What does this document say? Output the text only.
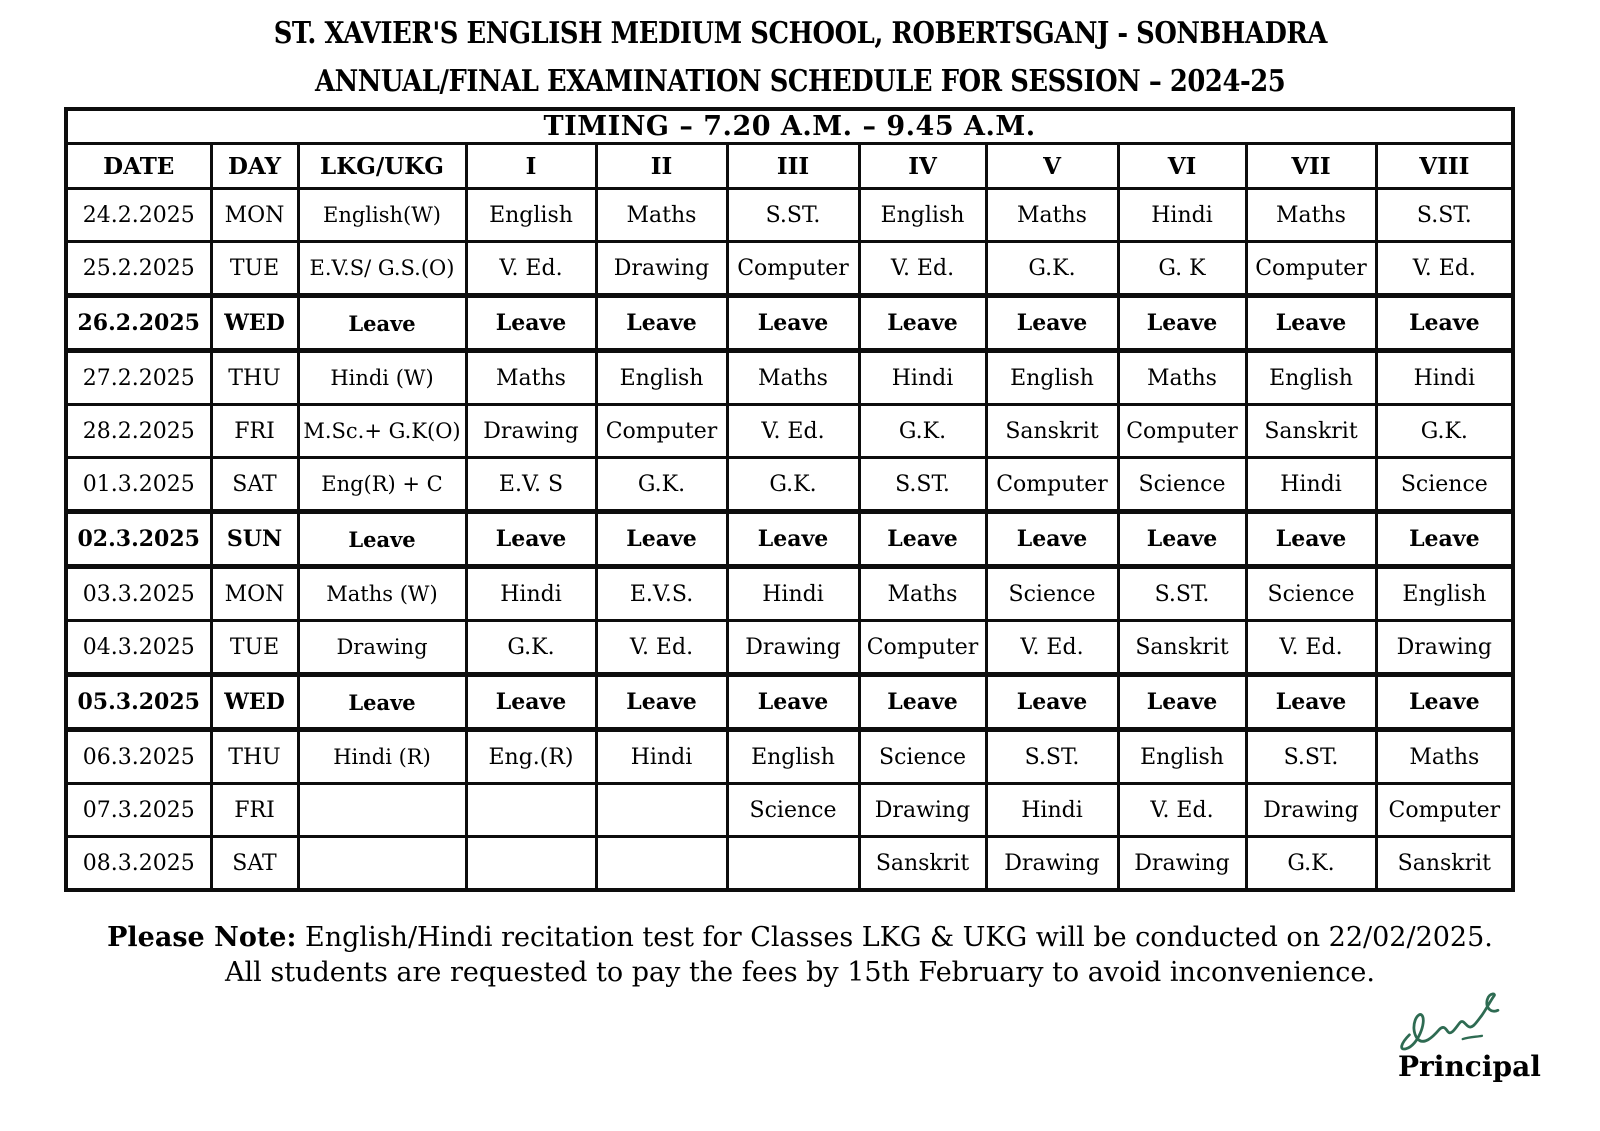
ST. XAVIER'S ENGLISH MEDIUM SCHOOL, ROBERTSGANJ - SONBHADRA
ANNUAL/FINAL EXAMINATION SCHEDULE FOR SESSION – 2024-25
TIMING – 7.20 A.M. – 9.45 A.M.										
DATE	DAY	LKG/UKG	I	II	III	IV	V	VI	VII	VIII
24.2.2025	MON	English(W)	English	Maths	S.ST.	English	Maths	Hindi	Maths	S.ST.
25.2.2025	TUE	E.V.S/ G.S.(O)	V. Ed.	Drawing	Computer	V. Ed.	G.K.	G. K	Computer	V. Ed.
26.2.2025	WED	Leave	Leave	Leave	Leave	Leave	Leave	Leave	Leave	Leave
27.2.2025	THU	Hindi (W)	Maths	English	Maths	Hindi	English	Maths	English	Hindi
28.2.2025	FRI	M.Sc.+ G.K(O)	Drawing	Computer	V. Ed.	G.K.	Sanskrit	Computer	Sanskrit	G.K.
01.3.2025	SAT	Eng(R) + C	E.V. S	G.K.	G.K.	S.ST.	Computer	Science	Hindi	Science
02.3.2025	SUN	Leave	Leave	Leave	Leave	Leave	Leave	Leave	Leave	Leave
03.3.2025	MON	Maths (W)	Hindi	E.V.S.	Hindi	Maths	Science	S.ST.	Science	English
04.3.2025	TUE	Drawing	G.K.	V. Ed.	Drawing	Computer	V. Ed.	Sanskrit	V. Ed.	Drawing
05.3.2025	WED	Leave	Leave	Leave	Leave	Leave	Leave	Leave	Leave	Leave
06.3.2025	THU	Hindi (R)	Eng.(R)	Hindi	English	Science	S.ST.	English	S.ST.	Maths
07.3.2025	FRI				Science	Drawing	Hindi	V. Ed.	Drawing	Computer
08.3.2025	SAT					Sanskrit	Drawing	Drawing	G.K.	Sanskrit
Please Note: English/Hindi recitation test for Classes LKG & UKG will be conducted on 22/02/2025.
All students are requested to pay the fees by 15th February to avoid inconvenience.
Principal
